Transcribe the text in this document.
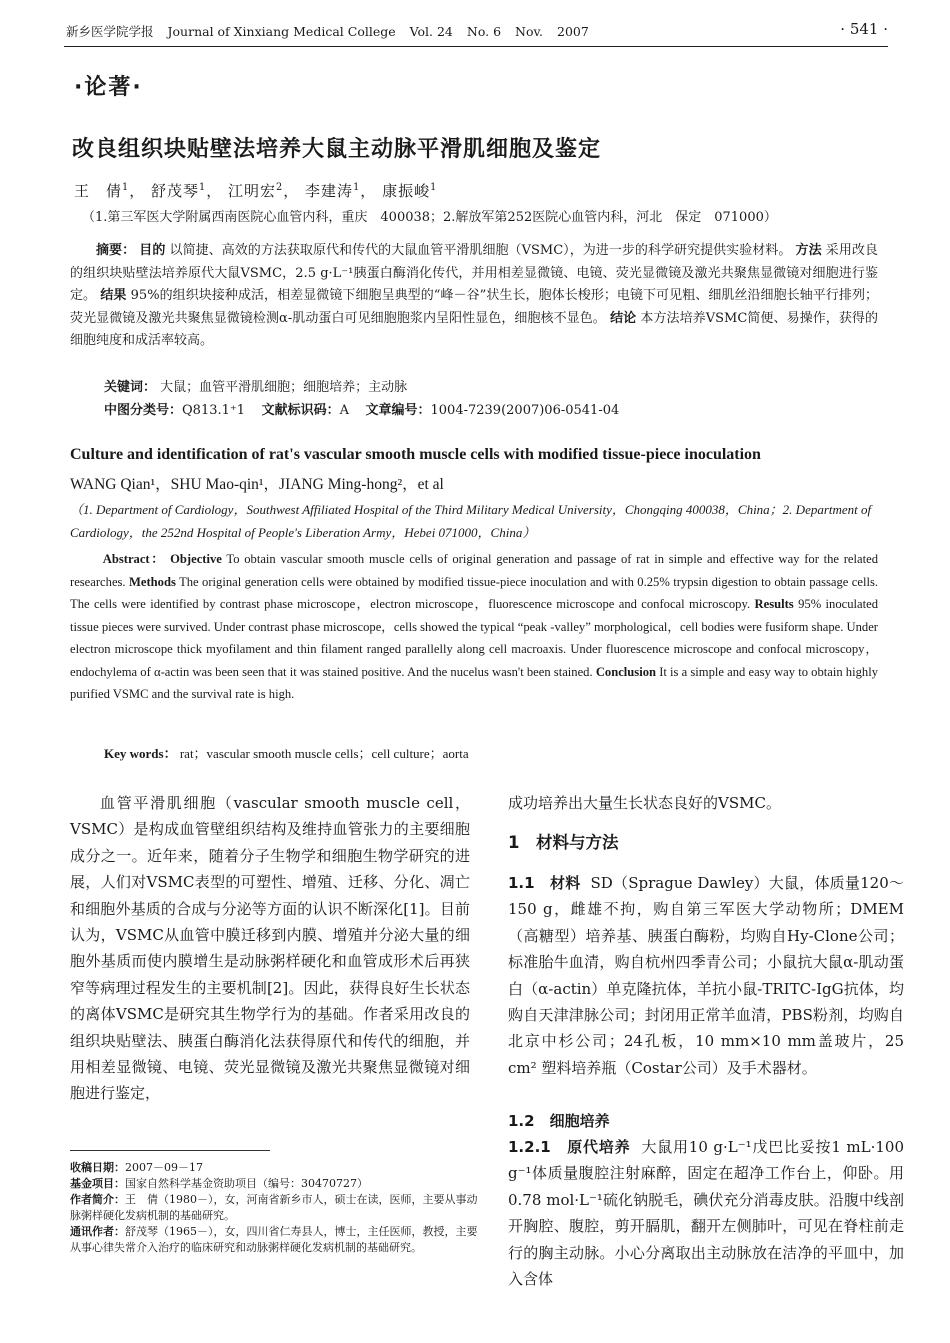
新乡医学院学报 Journal of Xinxiang Medical College Vol. 24 No. 6 Nov. 2007	· 541 ·
·论著·
改良组织块贴壁法培养大鼠主动脉平滑肌细胞及鉴定
王　倩$^1$， 舒茂琴$^1$， 江明宏$^2$， 李建涛$^1$， 康振峻$^1$
（1.第三军医大学附属西南医院心血管内科，重庆　400038；2.解放军第252医院心血管内科，河北　保定　071000）
摘要： 目的 以简捷、高效的方法获取原代和传代的大鼠血管平滑肌细胞（VSMC），为进一步的科学研究提供实验材料。 方法 采用改良的组织块贴壁法培养原代大鼠VSMC，2.5 g·L⁻¹胰蛋白酶消化传代，并用相差显微镜、电镜、荧光显微镜及激光共聚焦显微镜对细胞进行鉴定。 结果 95%的组织块接种成活，相差显微镜下细胞呈典型的“峰－谷”状生长，胞体长梭形；电镜下可见粗、细肌丝沿细胞长轴平行排列；荧光显微镜及激光共聚焦显微镜检测α-肌动蛋白可见细胞胞浆内呈阳性显色，细胞核不显色。 结论 本方法培养VSMC简便、易操作，获得的细胞纯度和成活率较高。
关键词： 大鼠；血管平滑肌细胞；细胞培养；主动脉
中图分类号：Q813.1⁺1 文献标识码：A 文章编号：1004-7239(2007)06-0541-04
Culture and identification of rat's vascular smooth muscle cells with modified tissue-piece inoculation
WANG Qian¹，SHU Mao-qin¹，JIANG Ming-hong²，et al
（1. Department of Cardiology，Southwest Affiliated Hospital of the Third Military Medical University，Chongqing 400038，China；2. Department of Cardiology，the 252nd Hospital of People's Liberation Army，Hebei 071000，China）
Abstract： Objective To obtain vascular smooth muscle cells of original generation and passage of rat in simple and effective way for the related researches. Methods The original generation cells were obtained by modified tissue-piece inoculation and with 0.25% trypsin digestion to obtain passage cells. The cells were identified by contrast phase microscope，electron microscope，fluorescence microscope and confocal microscopy. Results 95% inoculated tissue pieces were survived. Under contrast phase microscope，cells showed the typical “peak -valley” morphological，cell bodies were fusiform shape. Under electron microscope thick myofilament and thin filament ranged parallelly along cell macroaxis. Under fluorescence microscope and confocal microscopy，endochylema of α-actin was been seen that it was stained positive. And the nucelus wasn't been stained. Conclusion It is a simple and easy way to obtain highly purified VSMC and the survival rate is high.
Key words： rat；vascular smooth muscle cells；cell culture；aorta
血管平滑肌细胞（vascular smooth muscle cell，VSMC）是构成血管壁组织结构及维持血管张力的主要细胞成分之一。近年来，随着分子生物学和细胞生物学研究的进展，人们对VSMC表型的可塑性、增殖、迁移、分化、凋亡和细胞外基质的合成与分泌等方面的认识不断深化[1]。目前认为，VSMC从血管中膜迁移到内膜、增殖并分泌大量的细胞外基质而使内膜增生是动脉粥样硬化和血管成形术后再狭窄等病理过程发生的主要机制[2]。因此，获得良好生长状态的离体VSMC是研究其生物学行为的基础。作者采用改良的组织块贴壁法、胰蛋白酶消化法获得原代和传代的细胞，并用相差显微镜、电镜、荧光显微镜及激光共聚焦显微镜对细胞进行鉴定，
收稿日期：2007－09－17
基金项目：国家自然科学基金资助项目（编号：30470727）
作者简介：王　倩（1980－），女，河南省新乡市人，硕士在读，医师，主要从事动脉粥样硬化发病机制的基础研究。
通讯作者：舒茂琴（1965－），女，四川省仁寿县人，博士，主任医师，教授，主要从事心律失常介入治疗的临床研究和动脉粥样硬化发病机制的基础研究。
成功培养出大量生长状态良好的VSMC。
1　材料与方法
1.1　材料 SD（Sprague Dawley）大鼠，体质量120～150 g，雌雄不拘，购自第三军医大学动物所；DMEM（高糖型）培养基、胰蛋白酶粉，均购自Hy-Clone公司；标准胎牛血清，购自杭州四季青公司；小鼠抗大鼠α-肌动蛋白（α-actin）单克隆抗体，羊抗小鼠-TRITC-IgG抗体，均购自天津津脉公司；封闭用正常羊血清，PBS粉剂，均购自北京中杉公司；24孔板，10 mm×10 mm盖玻片，25 cm² 塑料培养瓶（Costar公司）及手术器材。
1.2　细胞培养
1.2.1　原代培养 大鼠用10 g·L⁻¹戊巴比妥按1 mL·100 g⁻¹体质量腹腔注射麻醉，固定在超净工作台上，仰卧。用0.78 mol·L⁻¹硫化钠脱毛，碘伏充分消毒皮肤。沿腹中线剖开胸腔、腹腔，剪开膈肌，翻开左侧肺叶，可见在脊柱前走行的胸主动脉。小心分离取出主动脉放在洁净的平皿中，加入含体
